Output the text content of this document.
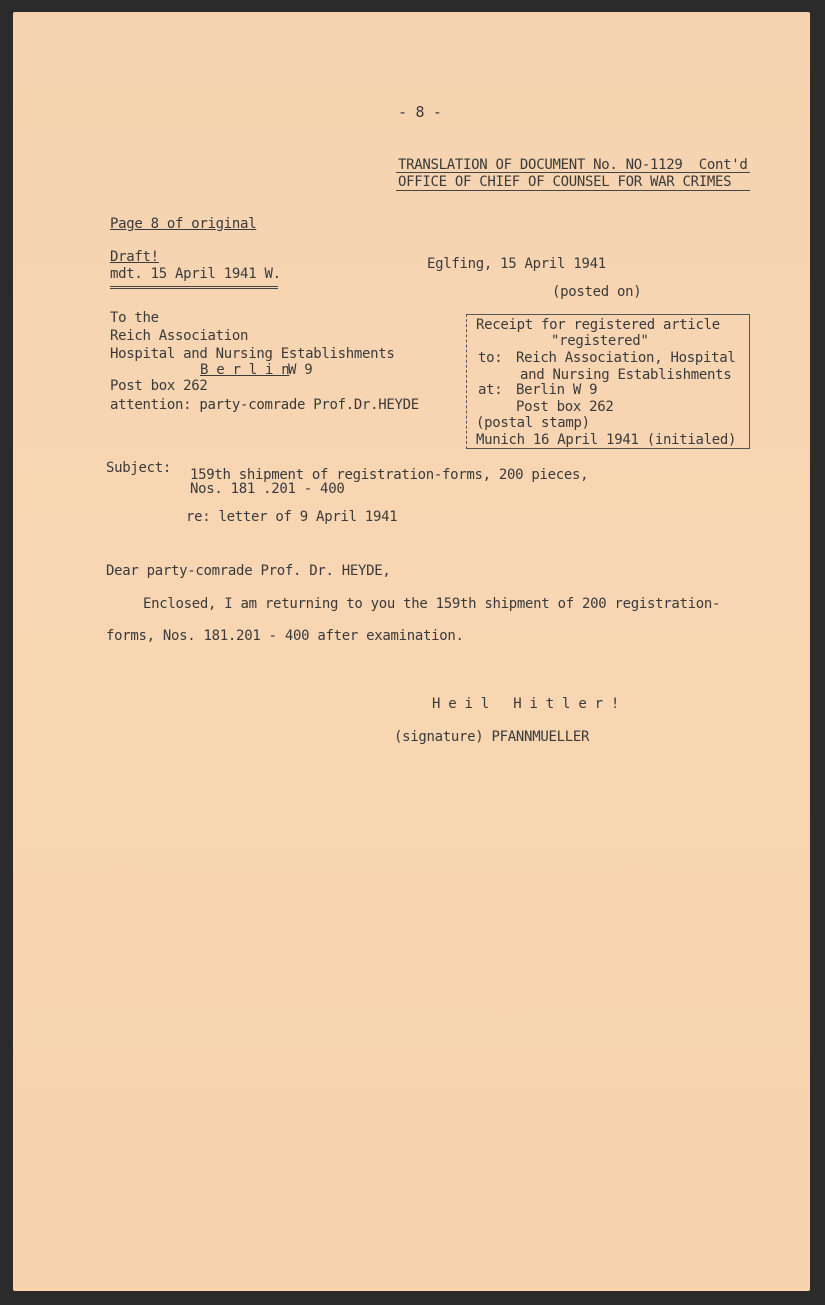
- 8 -
TRANSLATION OF DOCUMENT No. NO-1129  Cont'd
OFFICE OF CHIEF OF COUNSEL FOR WAR CRIMES
Page 8 of original
Draft!
mdt. 15 April 1941 W.
Eglfing, 15 April 1941
(posted on)
To the
Reich Association
Hospital and Nursing Establishments
B e r l i n
W 9
Post box 262
attention: party-comrade Prof.Dr.HEYDE
Receipt for registered article
"registered"
to: Reich Association, Hospital
and Nursing Establishments
at: Berlin W 9
Post box 262
(postal stamp)
Munich 16 April 1941 (initialed)
Subject: 159th shipment of registration-forms, 200 pieces,
Nos. 181 .201 - 400
re: letter of 9 April 1941
Dear party-comrade Prof. Dr. HEYDE,
Enclosed, I am returning to you the 159th shipment of 200 registration-
forms, Nos. 181.201 - 400 after examination.
H e i l   H i t l e r !
(signature) PFANNMUELLER
